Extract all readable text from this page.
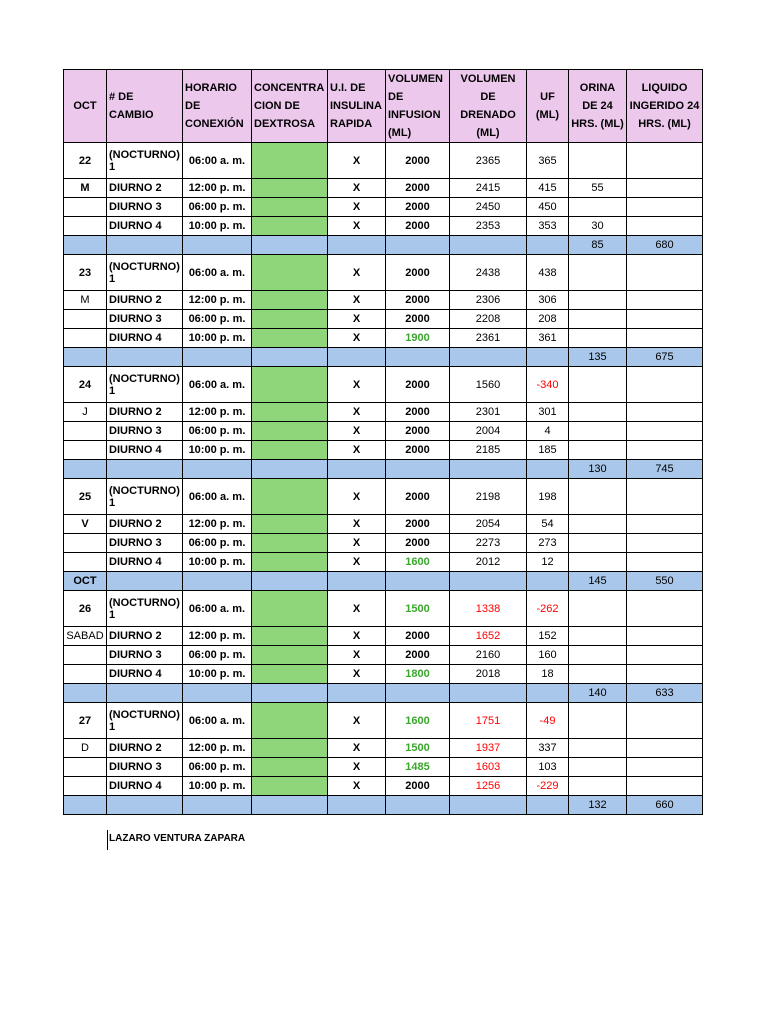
OCT	# DE CAMBIO	HORARIO DE CONEXIÓN	CONCENTRA CION DE DEXTROSA	U.I. DE INSULINA RAPIDA	VOLUMEN DE INFUSION (ML)	VOLUMEN DE DRENADO (ML)	UF (ML)	ORINA DE 24 HRS. (ML)	LIQUIDO INGERIDO 24 HRS. (ML)
22	(NOCTURNO) 1	06:00 a. m.		X	2000	2365	365		
M	DIURNO 2	12:00 p. m.		X	2000	2415	415	55	
	DIURNO 3	06:00 p. m.		X	2000	2450	450		
	DIURNO 4	10:00 p. m.		X	2000	2353	353	30	
								85	680
23	(NOCTURNO) 1	06:00 a. m.		X	2000	2438	438		
M	DIURNO 2	12:00 p. m.		X	2000	2306	306		
	DIURNO 3	06:00 p. m.		X	2000	2208	208		
	DIURNO 4	10:00 p. m.		X	1900	2361	361		
								135	675
24	(NOCTURNO) 1	06:00 a. m.		X	2000	1560	-340		
J	DIURNO 2	12:00 p. m.		X	2000	2301	301		
	DIURNO 3	06:00 p. m.		X	2000	2004	4		
	DIURNO 4	10:00 p. m.		X	2000	2185	185		
								130	745
25	(NOCTURNO) 1	06:00 a. m.		X	2000	2198	198		
V	DIURNO 2	12:00 p. m.		X	2000	2054	54		
	DIURNO 3	06:00 p. m.		X	2000	2273	273		
	DIURNO 4	10:00 p. m.		X	1600	2012	12		
OCT								145	550
26	(NOCTURNO) 1	06:00 a. m.		X	1500	1338	-262		
SABAD	DIURNO 2	12:00 p. m.		X	2000	1652	152		
	DIURNO 3	06:00 p. m.		X	2000	2160	160		
	DIURNO 4	10:00 p. m.		X	1800	2018	18		
								140	633
27	(NOCTURNO) 1	06:00 a. m.		X	1600	1751	-49		
D	DIURNO 2	12:00 p. m.		X	1500	1937	337		
	DIURNO 3	06:00 p. m.		X	1485	1603	103		
	DIURNO 4	10:00 p. m.		X	2000	1256	-229		
								132	660
LAZARO VENTURA ZAPARA
